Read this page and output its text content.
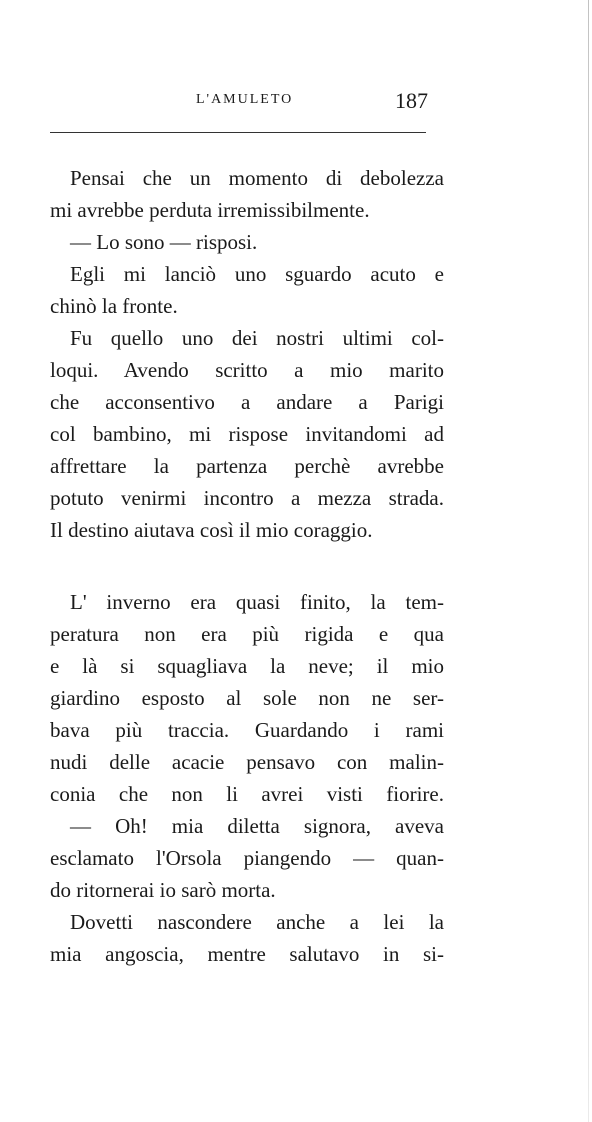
L'AMULETO	187
Pensai che un momento di debolezza
mi avrebbe perduta irremissibilmente.
— Lo sono — risposi.
Egli mi lanciò uno sguardo acuto e
chinò la fronte.
Fu quello uno dei nostri ultimi col-
loqui. Avendo scritto a mio marito
che acconsentivo a andare a Parigi
col bambino, mi rispose invitandomi ad
affrettare la partenza perchè avrebbe
potuto venirmi incontro a mezza strada.
Il destino aiutava così il mio coraggio.
L' inverno era quasi finito, la tem-
peratura non era più rigida e qua
e là si squagliava la neve; il mio
giardino esposto al sole non ne ser-
bava più traccia. Guardando i rami
nudi delle acacie pensavo con malin-
conia che non li avrei visti fiorire.
— Oh! mia diletta signora, aveva
esclamato l'Orsola piangendo — quan-
do ritornerai io sarò morta.
Dovetti nascondere anche a lei la
mia angoscia, mentre salutavo in si-
